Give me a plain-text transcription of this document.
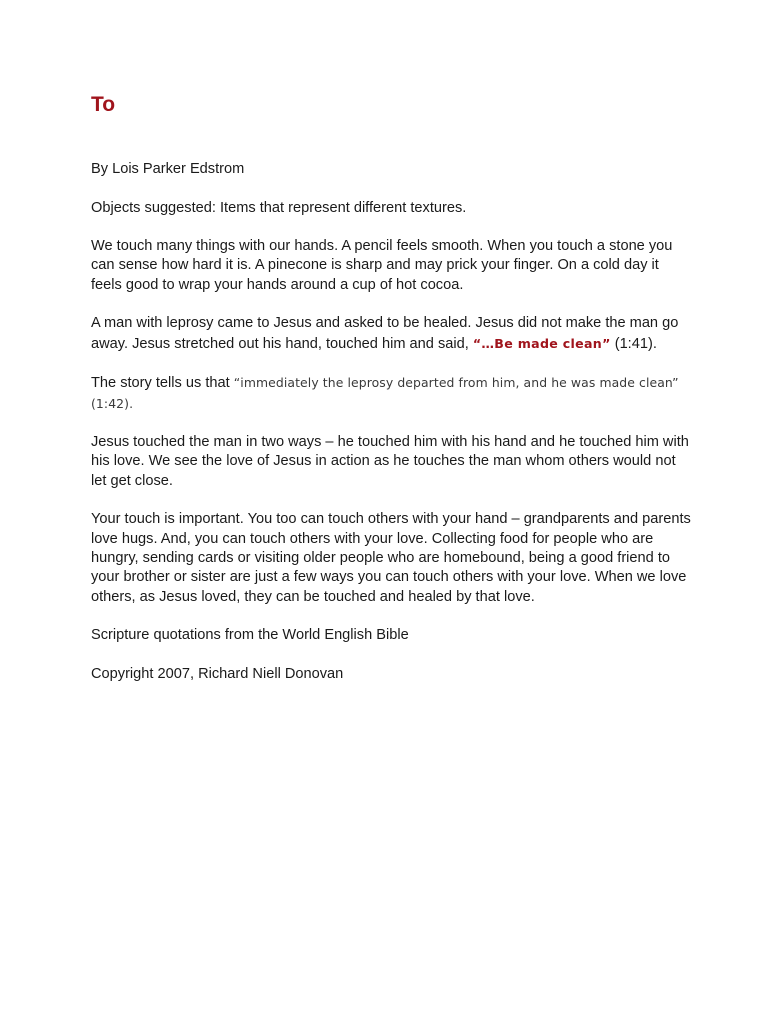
To

By Lois Parker Edstrom

Objects suggested: Items that represent different textures.

We touch many things with our hands. A pencil feels smooth. When you touch a stone you can sense how hard it is. A pinecone is sharp and may prick your finger. On a cold day it feels good to wrap your hands around a cup of hot cocoa.

A man with leprosy came to Jesus and asked to be healed. Jesus did not make the man go away. Jesus stretched out his hand, touched him and said, “…Be made clean” (1:41).

The story tells us that “immediately the leprosy departed from him, and he was made clean” (1:42).

Jesus touched the man in two ways – he touched him with his hand and he touched him with his love. We see the love of Jesus in action as he touches the man whom others would not let get close.

Your touch is important. You too can touch others with your hand – grandparents and parents love hugs. And, you can touch others with your love. Collecting food for people who are hungry, sending cards or visiting older people who are homebound, being a good friend to your brother or sister are just a few ways you can touch others with your love. When we love others, as Jesus loved, they can be touched and healed by that love.

Scripture quotations from the World English Bible

Copyright 2007, Richard Niell Donovan
